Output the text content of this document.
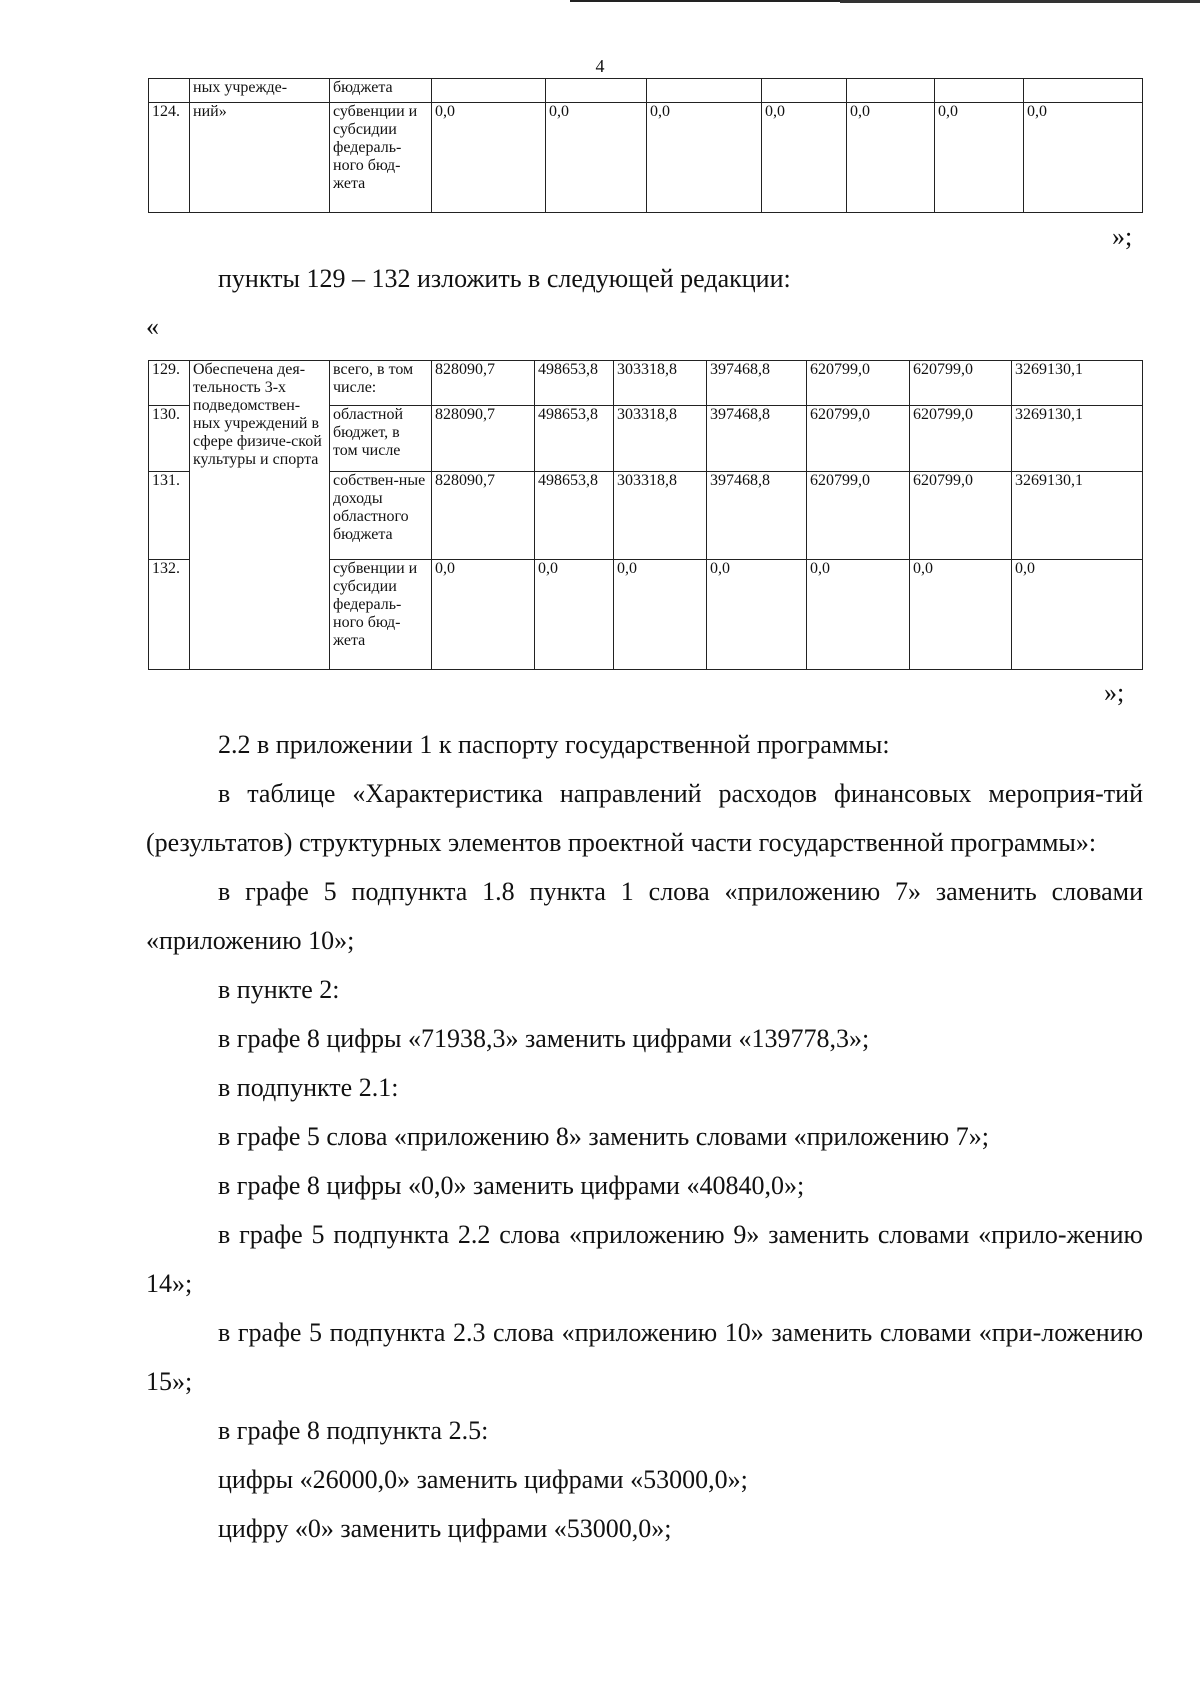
4
	ных учрежде-	бюджета							
124.	ний»	субвенции и субсидии федераль-ного бюд-жета	0,0	0,0	0,0	0,0	0,0	0,0	0,0
»;
пункты 129 – 132 изложить в следующей редакции:
«
129.	Обеспечена дея-тельность 3-х подведомствен-ных учреждений в сфере физиче-ской культуры и спорта	всего, в том числе:	828090,7	498653,8	303318,8	397468,8	620799,0	620799,0	3269130,1
130.		областной бюджет, в том числе	828090,7	498653,8	303318,8	397468,8	620799,0	620799,0	3269130,1
131.		собствен-ные доходы областного бюджета	828090,7	498653,8	303318,8	397468,8	620799,0	620799,0	3269130,1
132.		субвенции и субсидии федераль-ного бюд-жета	0,0	0,0	0,0	0,0	0,0	0,0	0,0
»;

2.2 в приложении 1 к паспорту государственной программы:

в таблице «Характеристика направлений расходов финансовых мероприя-тий (результатов) структурных элементов проектной части государственной программы»:

в графе 5 подпункта 1.8 пункта 1 слова «приложению 7» заменить словами «приложению 10»;

в пункте 2:

в графе 8 цифры «71938,3» заменить цифрами «139778,3»;

в подпункте 2.1:

в графе 5 слова «приложению 8» заменить словами «приложению 7»;

в графе 8 цифры «0,0» заменить цифрами «40840,0»;

в графе 5 подпункта 2.2 слова «приложению 9» заменить словами «прило-жению 14»;

в графе 5 подпункта 2.3 слова «приложению 10» заменить словами «при-ложению 15»;

в графе 8 подпункта 2.5:

цифры «26000,0» заменить цифрами «53000,0»;

цифру «0» заменить цифрами «53000,0»;
